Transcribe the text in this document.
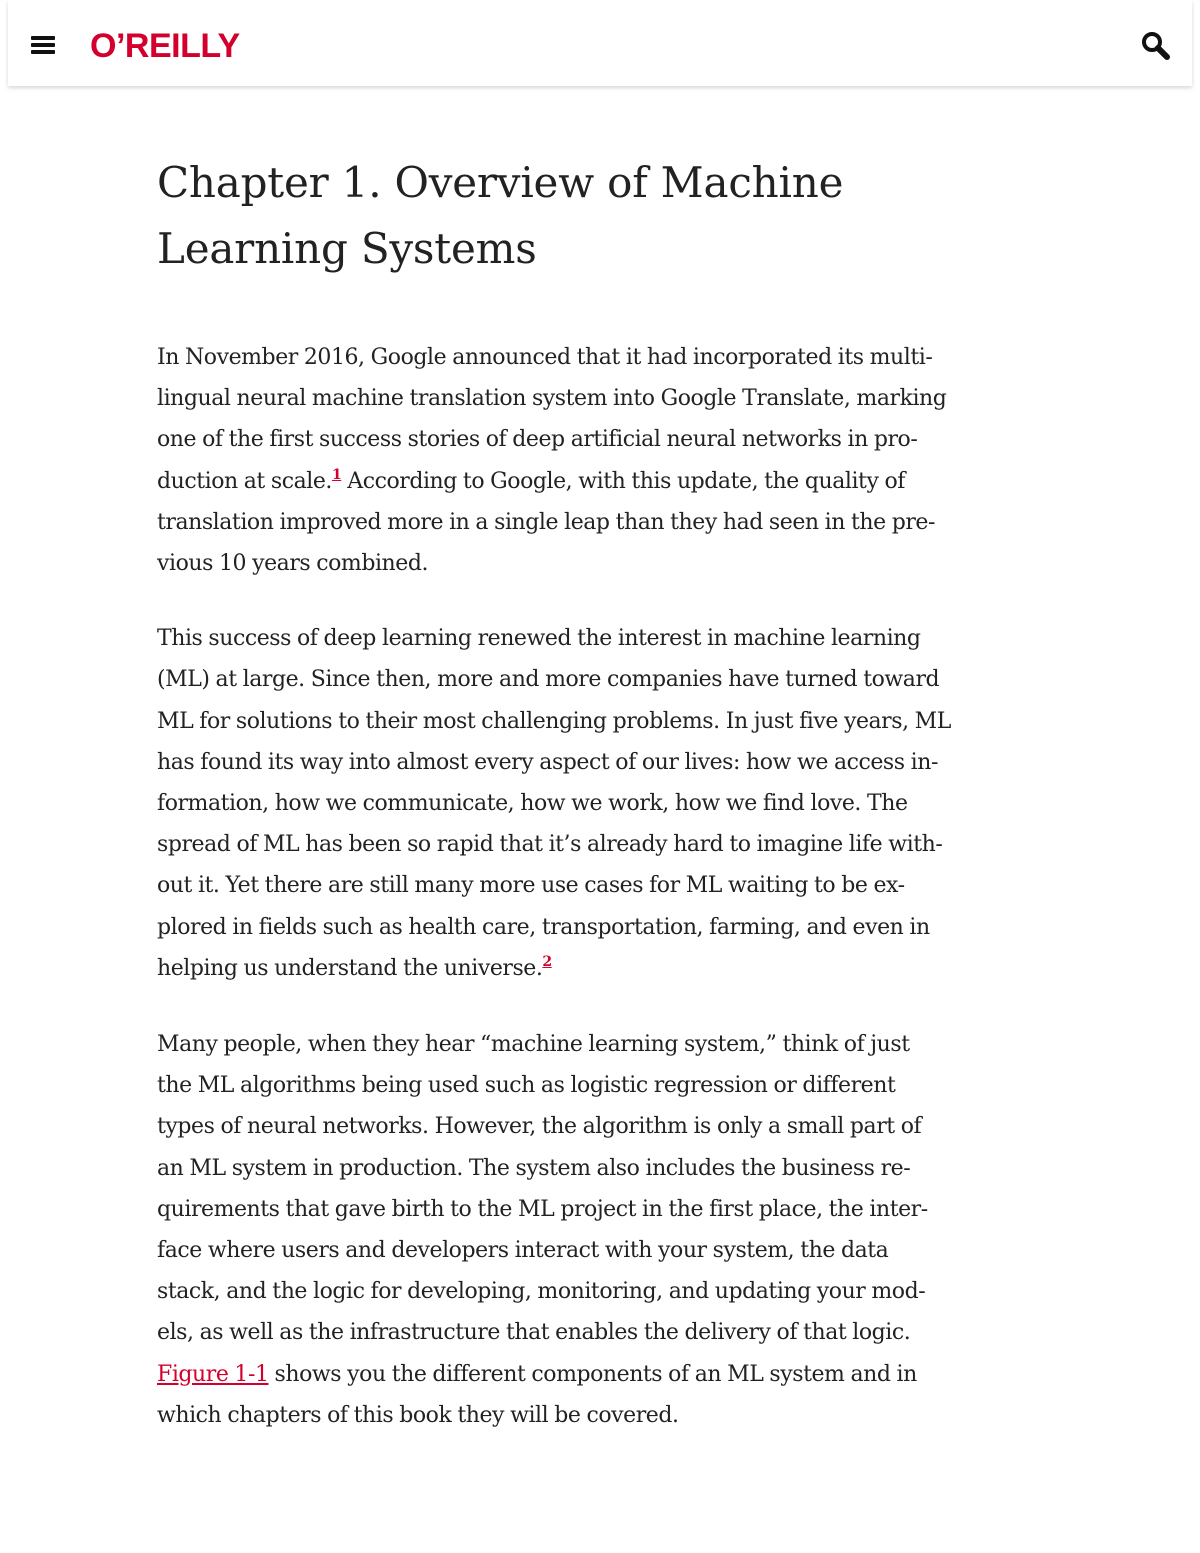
O’REILLY
Chapter 1. Overview of Machine
Learning Systems

In November 2016, Google announced that it had incorporated its multi-
lingual neural machine translation system into Google Translate, marking
one of the first success stories of deep artificial neural networks in pro-
duction at scale.$^1$ According to Google, with this update, the quality of
translation improved more in a single leap than they had seen in the pre-
vious 10 years combined.

This success of deep learning renewed the interest in machine learning
(ML) at large. Since then, more and more companies have turned toward
ML for solutions to their most challenging problems. In just five years, ML
has found its way into almost every aspect of our lives: how we access in-
formation, how we communicate, how we work, how we find love. The
spread of ML has been so rapid that it’s already hard to imagine life with-
out it. Yet there are still many more use cases for ML waiting to be ex-
plored in fields such as health care, transportation, farming, and even in
helping us understand the universe.$^2$

Many people, when they hear “machine learning system,” think of just
the ML algorithms being used such as logistic regression or different
types of neural networks. However, the algorithm is only a small part of
an ML system in production. The system also includes the business re-
quirements that gave birth to the ML project in the first place, the inter-
face where users and developers interact with your system, the data
stack, and the logic for developing, monitoring, and updating your mod-
els, as well as the infrastructure that enables the delivery of that logic.
Figure 1-1 shows you the different components of an ML system and in
which chapters of this book they will be covered.
